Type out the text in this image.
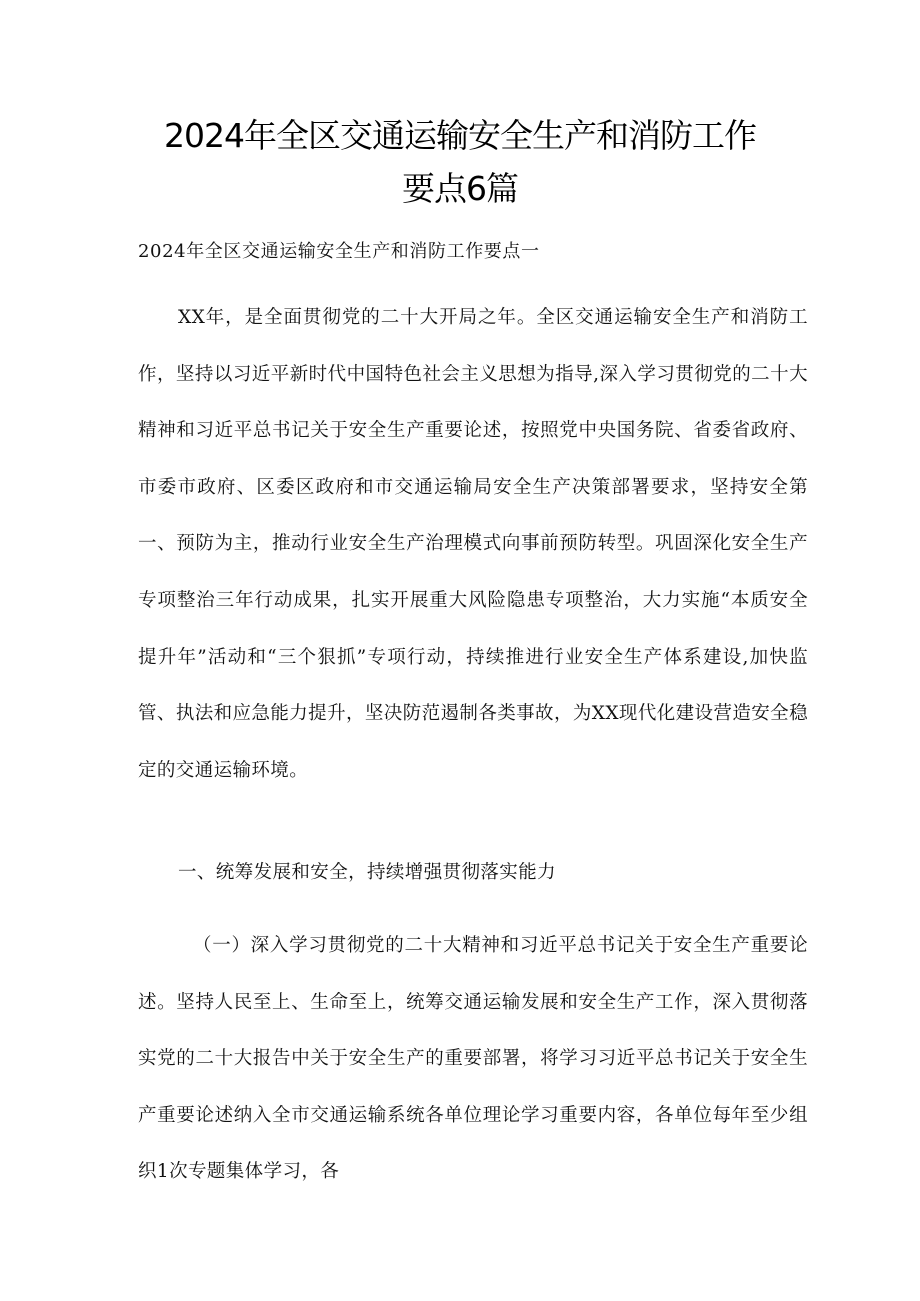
2024年全区交通运输安全生产和消防工作
要点6篇
2024年全区交通运输安全生产和消防工作要点一

XX年，是全面贯彻党的二十大开局之年。全区交通运输安全生产和消防工作，坚持以习近平新时代中国特色社会主义思想为指导,深入学习贯彻党的二十大精神和习近平总书记关于安全生产重要论述，按照党中央国务院、省委省政府、市委市政府、区委区政府和市交通运输局安全生产决策部署要求，坚持安全第一、预防为主，推动行业安全生产治理模式向事前预防转型。巩固深化安全生产专项整治三年行动成果，扎实开展重大风险隐患专项整治，大力实施“本质安全提升年”活动和“三个狠抓”专项行动，持续推进行业安全生产体系建设,加快监管、执法和应急能力提升，坚决防范遏制各类事故，为XX现代化建设营造安全稳定的交通运输环境。

一、统筹发展和安全，持续增强贯彻落实能力

（一）深入学习贯彻党的二十大精神和习近平总书记关于安全生产重要论述。坚持人民至上、生命至上，统筹交通运输发展和安全生产工作，深入贯彻落实党的二十大报告中关于安全生产的重要部署，将学习习近平总书记关于安全生产重要论述纳入全市交通运输系统各单位理论学习重要内容，各单位每年至少组织1次专题集体学习，各
